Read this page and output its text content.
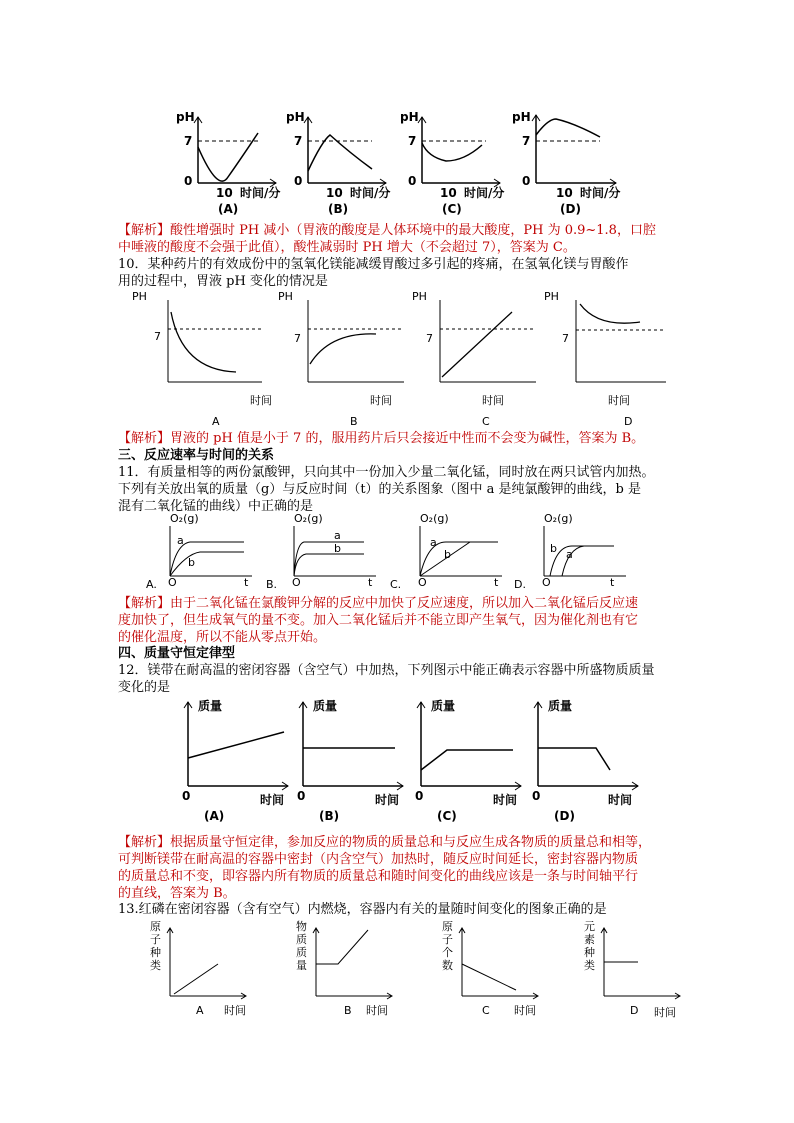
pH
7
0
10 时间/分
(A)
pH
7
0
10 时间/分
(B)
pH
7
0
10 时间/分
(C)
pH
7
0
10 时间/分
(D)
【解析】酸性增强时 PH 减小（胃液的酸度是人体环境中的最大酸度，PH 为 0.9~1.8，口腔
中唾液的酸度不会强于此值），酸性减弱时 PH 增大（不会超过 7），答案为 C。
10．某种药片的有效成份中的氢氧化镁能减缓胃酸过多引起的疼痛，在氢氧化镁与胃酸作
用的过程中，胃液 pH 变化的情况是
PH
7
时间
A
PH
7
时间
B
PH
7
时间
C
PH
7
时间
D
【解析】胃液的 pH 值是小于 7 的，服用药片后只会接近中性而不会变为碱性，答案为 B。
三、反应速率与时间的关系
11．有质量相等的两份氯酸钾，只向其中一份加入少量二氧化锰，同时放在两只试管内加热。
下列有关放出氧的质量（g）与反应时间（t）的关系图象（图中 a 是纯氯酸钾的曲线，b 是
混有二氧化锰的曲线）中正确的是
O₂(g)
a
b
O	t
A.
O₂(g)
a
b
O	t
B.
O₂(g)
a
b
O	t
C.
O₂(g)
b a
O	t
D.
【解析】由于二氧化锰在氯酸钾分解的反应中加快了反应速度，所以加入二氧化锰后反应速
度加快了，但生成氧气的量不变。加入二氧化锰后并不能立即产生氧气，因为催化剂也有它
的催化温度，所以不能从零点开始。
四、质量守恒定律型
12．镁带在耐高温的密闭容器（含空气）中加热，下列图示中能正确表示容器中所盛物质质量
变化的是
质量
0	时间
(A)
质量
0	时间
(B)
质量
0	时间
(C)
质量
0	时间
(D)
【解析】根据质量守恒定律，参加反应的物质的质量总和与反应生成各物质的质量总和相等，
可判断镁带在耐高温的容器中密封（内含空气）加热时，随反应时间延长，密封容器内物质
的质量总和不变，即容器内所有物质的质量总和随时间变化的曲线应该是一条与时间轴平行
的直线，答案为 B。
13.红磷在密闭容器（含有空气）内燃烧，容器内有关的量随时间变化的图象正确的是
原
子
种
类
A 时间
物
质
质
量
B 时间
原
子
个
数
C 时间
元
素
种
类
D 时间
